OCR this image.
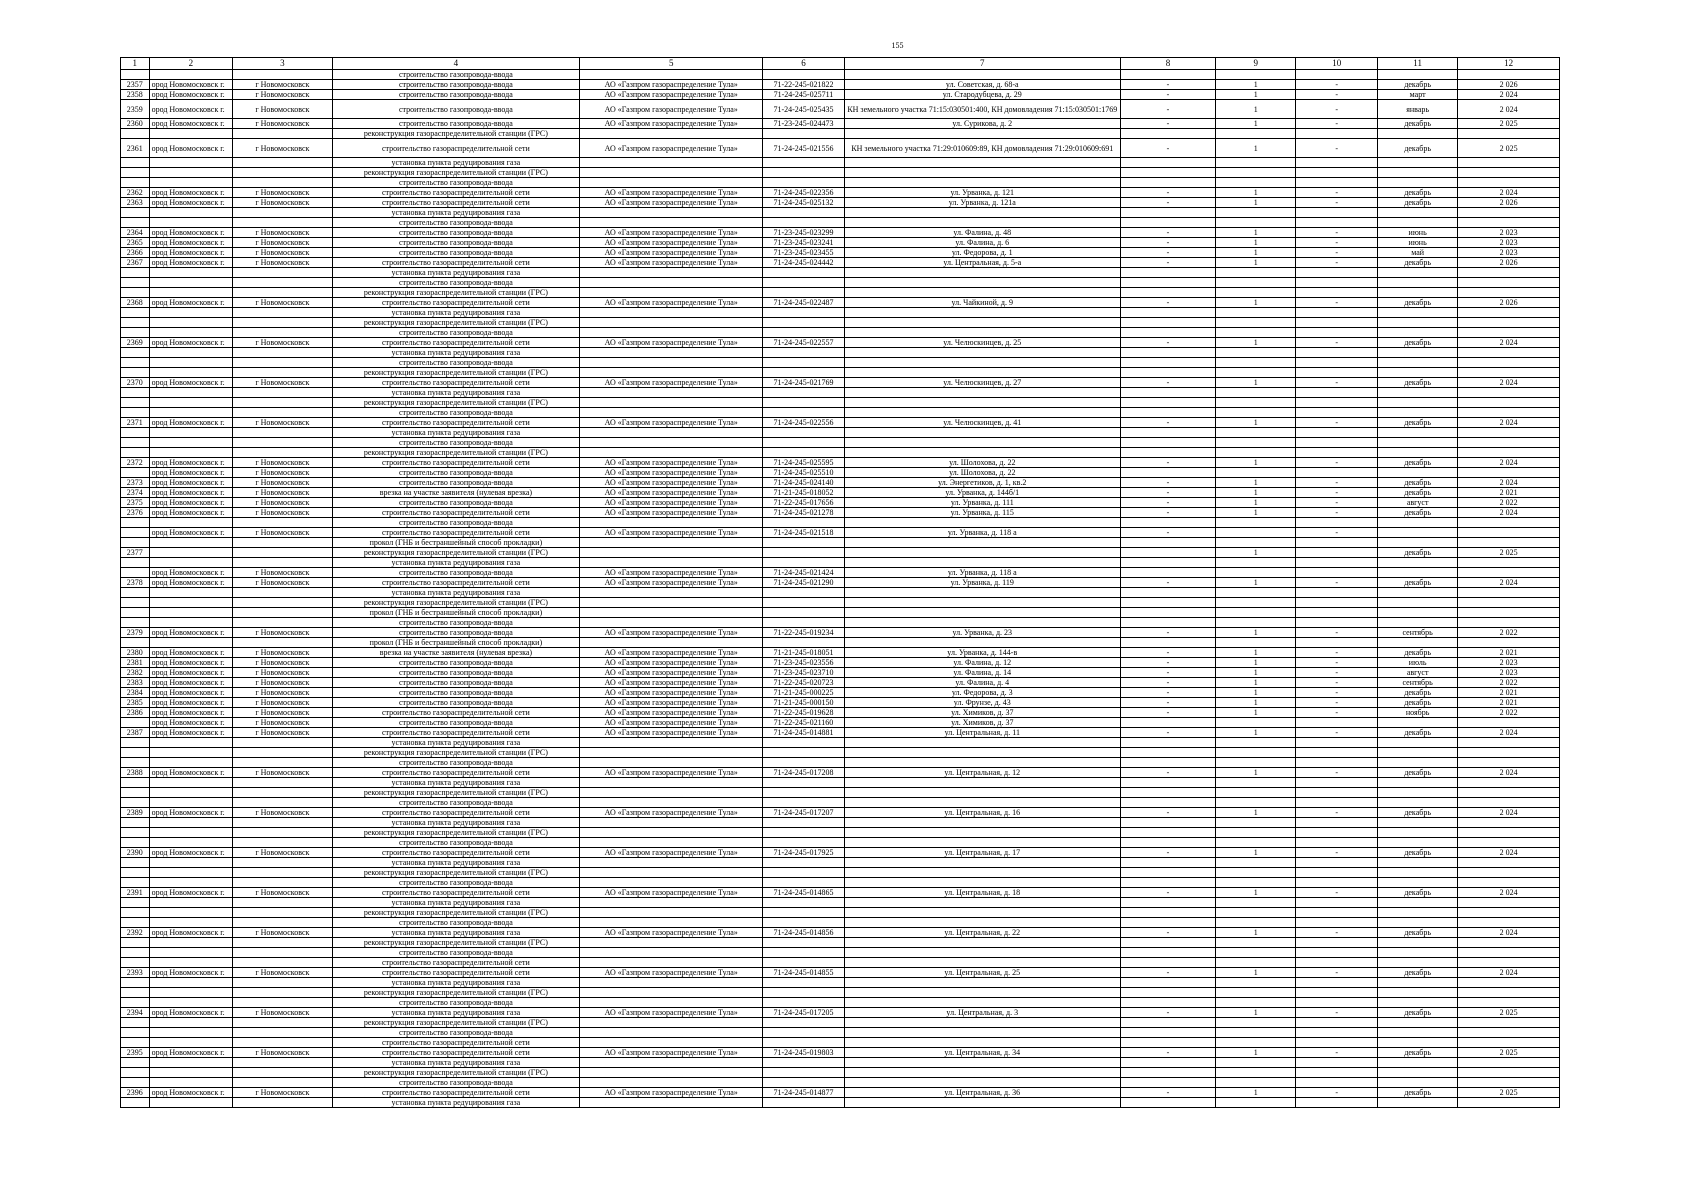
155
1	2	3	4	5	6	7	8	9	10	11	12
			строительство газопровода-ввода								
2357	ород Новомосковск г.	г Новомосковск	строительство газопровода-ввода	АО «Газпром газораспределение Тула»	71-22-245-021822	ул. Советская, д. 68-а	-	1	-	декабрь	2 026
2358	ород Новомосковск г.	г Новомосковск	строительство газопровода-ввода	АО «Газпром газораспределение Тула»	71-24-245-025711	ул. Стародубцева, д. 29	-	1	-	март	2 024
2359	ород Новомосковск г.	г Новомосковск	строительство газопровода-ввода	АО «Газпром газораспределение Тула»	71-24-245-025435	КН земельного участка 71:15:030501:400, КН домовладения 71:15:030501:1769	-	1	-	январь	2 024
2360	ород Новомосковск г.	г Новомосковск	строительство газопровода-ввода	АО «Газпром газораспределение Тула»	71-23-245-024473	ул. Сурикова, д. 2	-	1	-	декабрь	2 025
			реконструкция газораспределительной станции (ГРС)								
2361	ород Новомосковск г.	г Новомосковск	строительство газораспределительной сети	АО «Газпром газораспределение Тула»	71-24-245-021556	КН земельного участка 71:29:010609:89, КН домовладения 71:29:010609:691	-	1	-	декабрь	2 025
			установка пункта редуцирования газа								
			реконструкция газораспределительной станции (ГРС)								
			строительство газопровода-ввода								
2362	ород Новомосковск г.	г Новомосковск	строительство газораспределительной сети	АО «Газпром газораспределение Тула»	71-24-245-022356	ул. Урванка, д. 121	-	1	-	декабрь	2 024
2363	ород Новомосковск г.	г Новомосковск	строительство газораспределительной сети	АО «Газпром газораспределение Тула»	71-24-245-025132	ул. Урванка, д. 121а	-	1	-	декабрь	2 026
			установка пункта редуцирования газа								
			строительство газопровода-ввода								
2364	ород Новомосковск г.	г Новомосковск	строительство газопровода-ввода	АО «Газпром газораспределение Тула»	71-23-245-023299	ул. Фалина, д. 48	-	1	-	июнь	2 023
2365	ород Новомосковск г.	г Новомосковск	строительство газопровода-ввода	АО «Газпром газораспределение Тула»	71-23-245-023241	ул. Фалина, д. 6	-	1	-	июнь	2 023
2366	ород Новомосковск г.	г Новомосковск	строительство газопровода-ввода	АО «Газпром газораспределение Тула»	71-23-245-023455	ул. Федорова, д. 1	-	1	-	май	2 023
2367	ород Новомосковск г.	г Новомосковск	строительство газораспределительной сети	АО «Газпром газораспределение Тула»	71-24-245-024442	ул. Центральная, д. 5-а	-	1	-	декабрь	2 026
			установка пункта редуцирования газа								
			строительство газопровода-ввода								
			реконструкция газораспределительной станции (ГРС)								
2368	ород Новомосковск г.	г Новомосковск	строительство газораспределительной сети	АО «Газпром газораспределение Тула»	71-24-245-022487	ул. Чайкиной, д. 9	-	1	-	декабрь	2 026
			установка пункта редуцирования газа								
			реконструкция газораспределительной станции (ГРС)								
			строительство газопровода-ввода								
2369	ород Новомосковск г.	г Новомосковск	строительство газораспределительной сети	АО «Газпром газораспределение Тула»	71-24-245-022557	ул. Челюскинцев, д. 25	-	1	-	декабрь	2 024
			установка пункта редуцирования газа								
			строительство газопровода-ввода								
			реконструкция газораспределительной станции (ГРС)								
2370	ород Новомосковск г.	г Новомосковск	строительство газораспределительной сети	АО «Газпром газораспределение Тула»	71-24-245-021769	ул. Челюскинцев, д. 27	-	1	-	декабрь	2 024
			установка пункта редуцирования газа								
			реконструкция газораспределительной станции (ГРС)								
			строительство газопровода-ввода								
2371	ород Новомосковск г.	г Новомосковск	строительство газораспределительной сети	АО «Газпром газораспределение Тула»	71-24-245-022556	ул. Челюскинцев, д. 41	-	1	-	декабрь	2 024
			установка пункта редуцирования газа								
			строительство газопровода-ввода								
			реконструкция газораспределительной станции (ГРС)								
2372	ород Новомосковск г.	г Новомосковск	строительство газораспределительной сети	АО «Газпром газораспределение Тула»	71-24-245-025595	ул. Шолохова, д. 22	-	1	-	декабрь	2 024
	ород Новомосковск г.	г Новомосковск	строительство газопровода-ввода	АО «Газпром газораспределение Тула»	71-24-245-025510	ул. Шолохова, д. 22					
2373	ород Новомосковск г.	г Новомосковск	строительство газопровода-ввода	АО «Газпром газораспределение Тула»	71-24-245-024140	ул. Энергетиков, д. 1, кв.2	-	1	-	декабрь	2 024
2374	ород Новомосковск г.	г Новомосковск	врезка на участке заявителя (нулевая врезка)	АО «Газпром газораспределение Тула»	71-21-245-018052	ул. Урванка, д. 144б/1	-	1	-	декабрь	2 021
2375	ород Новомосковск г.	г Новомосковск	строительство газопровода-ввода	АО «Газпром газораспределение Тула»	71-22-245-017656	ул. Урванка, д. 111	-	1	-	август	2 022
2376	ород Новомосковск г.	г Новомосковск	строительство газораспределительной сети	АО «Газпром газораспределение Тула»	71-24-245-021278	ул. Урванка, д. 115	-	1	-	декабрь	2 024
			строительство газопровода-ввода								
	ород Новомосковск г.	г Новомосковск	строительство газораспределительной сети	АО «Газпром газораспределение Тула»	71-24-245-021518	ул. Урванка, д. 118 а	-		-		
			прокол (ГНБ и бестраншейный способ прокладки)								
2377			реконструкция газораспределительной станции (ГРС)					1		декабрь	2 025
			установка пункта редуцирования газа								
	ород Новомосковск г.	г Новомосковск	строительство газопровода-ввода	АО «Газпром газораспределение Тула»	71-24-245-021424	ул. Урванка, д. 118 а					
2378	ород Новомосковск г.	г Новомосковск	строительство газораспределительной сети	АО «Газпром газораспределение Тула»	71-24-245-021290	ул. Урванка, д. 119	-	1	-	декабрь	2 024
			установка пункта редуцирования газа								
			реконструкция газораспределительной станции (ГРС)								
			прокол (ГНБ и бестраншейный способ прокладки)								
			строительство газопровода-ввода								
2379	ород Новомосковск г.	г Новомосковск	строительство газопровода-ввода	АО «Газпром газораспределение Тула»	71-22-245-019234	ул. Урванка, д. 23	-	1	-	сентябрь	2 022
			прокол (ГНБ и бестраншейный способ прокладки)								
2380	ород Новомосковск г.	г Новомосковск	врезка на участке заявителя (нулевая врезка)	АО «Газпром газораспределение Тула»	71-21-245-018051	ул. Урванка, д. 144-в	-	1	-	декабрь	2 021
2381	ород Новомосковск г.	г Новомосковск	строительство газопровода-ввода	АО «Газпром газораспределение Тула»	71-23-245-023556	ул. Фалина, д. 12	-	1	-	июль	2 023
2382	ород Новомосковск г.	г Новомосковск	строительство газопровода-ввода	АО «Газпром газораспределение Тула»	71-23-245-023710	ул. Фалина, д. 14	-	1	-	август	2 023
2383	ород Новомосковск г.	г Новомосковск	строительство газопровода-ввода	АО «Газпром газораспределение Тула»	71-22-245-020723	ул. Фалина, д. 4	-	1	-	сентябрь	2 022
2384	ород Новомосковск г.	г Новомосковск	строительство газопровода-ввода	АО «Газпром газораспределение Тула»	71-21-245-000225	ул. Федорова, д. 3	-	1	-	декабрь	2 021
2385	ород Новомосковск г.	г Новомосковск	строительство газопровода-ввода	АО «Газпром газораспределение Тула»	71-21-245-000150	ул. Фрунзе, д. 43	-	1	-	декабрь	2 021
2386	ород Новомосковск г.	г Новомосковск	строительство газораспределительной сети	АО «Газпром газораспределение Тула»	71-22-245-019628	ул. Химиков, д. 37	-	1	-	ноябрь	2 022
	ород Новомосковск г.	г Новомосковск	строительство газопровода-ввода	АО «Газпром газораспределение Тула»	71-22-245-021160	ул. Химиков, д. 37					
2387	ород Новомосковск г.	г Новомосковск	строительство газораспределительной сети	АО «Газпром газораспределение Тула»	71-24-245-014881	ул. Центральная, д. 11	-	1	-	декабрь	2 024
			установка пункта редуцирования газа								
			реконструкция газораспределительной станции (ГРС)								
			строительство газопровода-ввода								
2388	ород Новомосковск г.	г Новомосковск	строительство газораспределительной сети	АО «Газпром газораспределение Тула»	71-24-245-017208	ул. Центральная, д. 12	-	1	-	декабрь	2 024
			установка пункта редуцирования газа								
			реконструкция газораспределительной станции (ГРС)								
			строительство газопровода-ввода								
2389	ород Новомосковск г.	г Новомосковск	строительство газораспределительной сети	АО «Газпром газораспределение Тула»	71-24-245-017207	ул. Центральная, д. 16	-	1	-	декабрь	2 024
			установка пункта редуцирования газа								
			реконструкция газораспределительной станции (ГРС)								
			строительство газопровода-ввода								
2390	ород Новомосковск г.	г Новомосковск	строительство газораспределительной сети	АО «Газпром газораспределение Тула»	71-24-245-017925	ул. Центральная, д. 17	-	1	-	декабрь	2 024
			установка пункта редуцирования газа								
			реконструкция газораспределительной станции (ГРС)								
			строительство газопровода-ввода								
2391	ород Новомосковск г.	г Новомосковск	строительство газораспределительной сети	АО «Газпром газораспределение Тула»	71-24-245-014865	ул. Центральная, д. 18	-	1	-	декабрь	2 024
			установка пункта редуцирования газа								
			реконструкция газораспределительной станции (ГРС)								
			строительство газопровода-ввода								
2392	ород Новомосковск г.	г Новомосковск	установка пункта редуцирования газа	АО «Газпром газораспределение Тула»	71-24-245-014856	ул. Центральная, д. 22	-	1	-	декабрь	2 024
			реконструкция газораспределительной станции (ГРС)								
			строительство газопровода-ввода								
			строительство газораспределительной сети								
2393	ород Новомосковск г.	г Новомосковск	строительство газораспределительной сети	АО «Газпром газораспределение Тула»	71-24-245-014855	ул. Центральная, д. 25	-	1	-	декабрь	2 024
			установка пункта редуцирования газа								
			реконструкция газораспределительной станции (ГРС)								
			строительство газопровода-ввода								
2394	ород Новомосковск г.	г Новомосковск	установка пункта редуцирования газа	АО «Газпром газораспределение Тула»	71-24-245-017205	ул. Центральная, д. 3	-	1	-	декабрь	2 025
			реконструкция газораспределительной станции (ГРС)								
			строительство газопровода-ввода								
			строительство газораспределительной сети								
2395	ород Новомосковск г.	г Новомосковск	строительство газораспределительной сети	АО «Газпром газораспределение Тула»	71-24-245-019803	ул. Центральная, д. 34	-	1	-	декабрь	2 025
			установка пункта редуцирования газа								
			реконструкция газораспределительной станции (ГРС)								
			строительство газопровода-ввода								
2396	ород Новомосковск г.	г Новомосковск	строительство газораспределительной сети	АО «Газпром газораспределение Тула»	71-24-245-014877	ул. Центральная, д. 36	-	1	-	декабрь	2 025
			установка пункта редуцирования газа								
